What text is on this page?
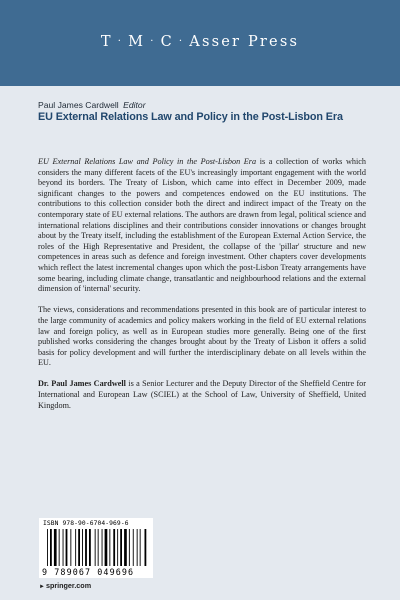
T · M · C · Asser Press
Paul James Cardwell Editor
EU External Relations Law and Policy in the Post-Lisbon Era

EU External Relations Law and Policy in the Post-Lisbon Era is a collection of works which considers the many different facets of the EU's increasingly important engagement with the world beyond its borders. The Treaty of Lisbon, which came into effect in December 2009, made significant changes to the powers and competences endowed on the EU institutions. The contributions to this collection consider both the direct and indirect impact of the Treaty on the contemporary state of EU external relations. The authors are drawn from legal, political science and international relations disciplines and their contributions consider innovations or changes brought about by the Treaty itself, including the establishment of the European External Action Service, the roles of the High Representative and President, the collapse of the 'pillar' structure and new competences in areas such as defence and foreign investment. Other chapters cover developments which reflect the latest incremental changes upon which the post-Lisbon Treaty arrangements have some bearing, including climate change, transatlantic and neighbourhood relations and the external dimension of 'internal' security.

The views, considerations and recommendations presented in this book are of particular interest to the large community of academics and policy makers working in the field of EU external relations law and foreign policy, as well as in European studies more generally. Being one of the first published works considering the changes brought about by the Treaty of Lisbon it offers a solid basis for policy development and will further the interdisciplinary debate on all levels within the EU.

Dr. Paul James Cardwell is a Senior Lecturer and the Deputy Director of the Sheffield Centre for International and European Law (SCIEL) at the School of Law, University of Sheffield, United Kingdom.

ISBN 978-90-6704-969-6
9 789067 049696
►springer.com
